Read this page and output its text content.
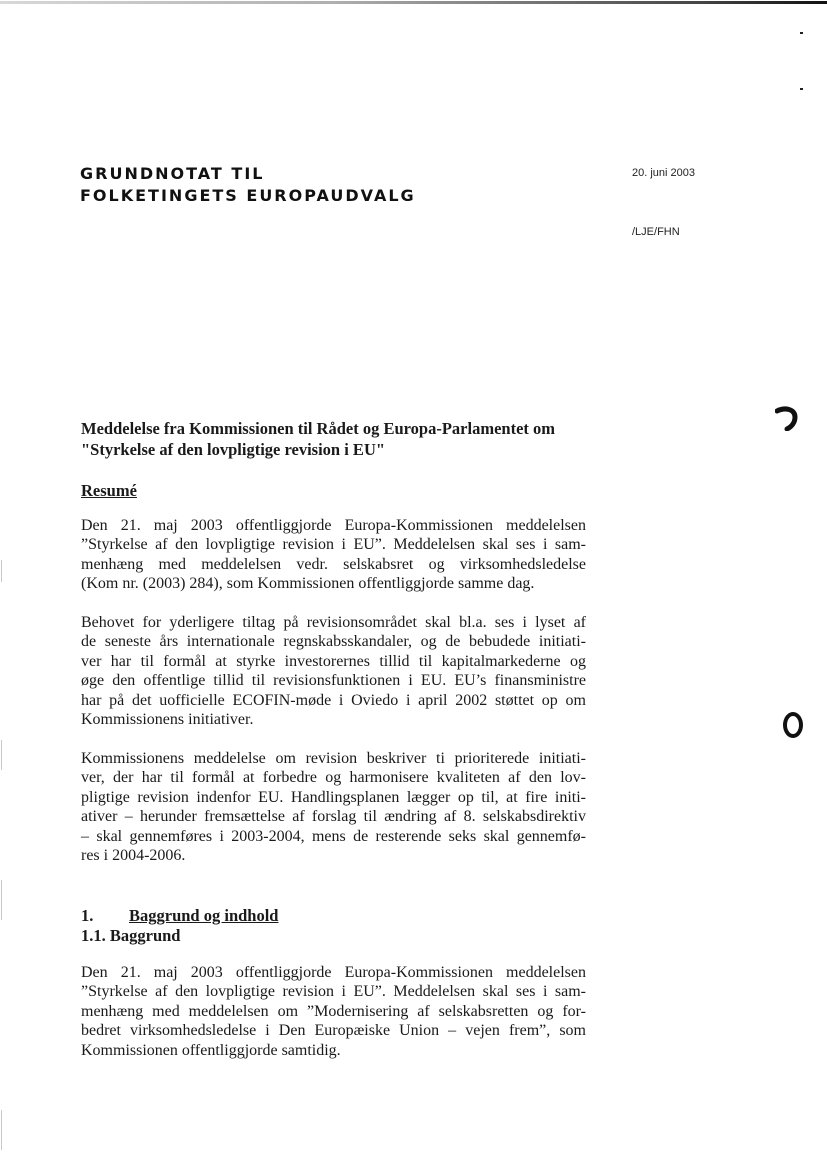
GRUNDNOTAT TIL
FOLKETINGETS EUROPAUDVALG
20. juni 2003
/LJE/FHN
Meddelelse fra Kommissionen til Rådet og Europa-Parlamentet om
"Styrkelse af den lovpligtige revision i EU"
Resumé

Den 21. maj 2003 offentliggjorde Europa-Kommissionen meddelelsen
”Styrkelse af den lovpligtige revision i EU”. Meddelelsen skal ses i sam-
menhæng med meddelelsen vedr. selskabsret og virksomhedsledelse
(Kom nr. (2003) 284), som Kommissionen offentliggjorde samme dag.

Behovet for yderligere tiltag på revisionsområdet skal bl.a. ses i lyset af
de seneste års internationale regnskabsskandaler, og de bebudede initiati-
ver har til formål at styrke investorernes tillid til kapitalmarkederne og
øge den offentlige tillid til revisionsfunktionen i EU. EU’s finansministre
har på det uofficielle ECOFIN-møde i Oviedo i april 2002 støttet op om
Kommissionens initiativer.

Kommissionens meddelelse om revision beskriver ti prioriterede initiati-
ver, der har til formål at forbedre og harmonisere kvaliteten af den lov-
pligtige revision indenfor EU. Handlingsplanen lægger op til, at fire initi-
ativer – herunder fremsættelse af forslag til ændring af 8. selskabsdirektiv
– skal gennemføres i 2003-2004, mens de resterende seks skal gennemfø-
res i 2004-2006.

1. Baggrund og indhold
1.1. Baggrund

Den 21. maj 2003 offentliggjorde Europa-Kommissionen meddelelsen
”Styrkelse af den lovpligtige revision i EU”. Meddelelsen skal ses i sam-
menhæng med meddelelsen om ”Modernisering af selskabsretten og for-
bedret virksomhedsledelse i Den Europæiske Union – vejen frem”, som
Kommissionen offentliggjorde samtidig.
